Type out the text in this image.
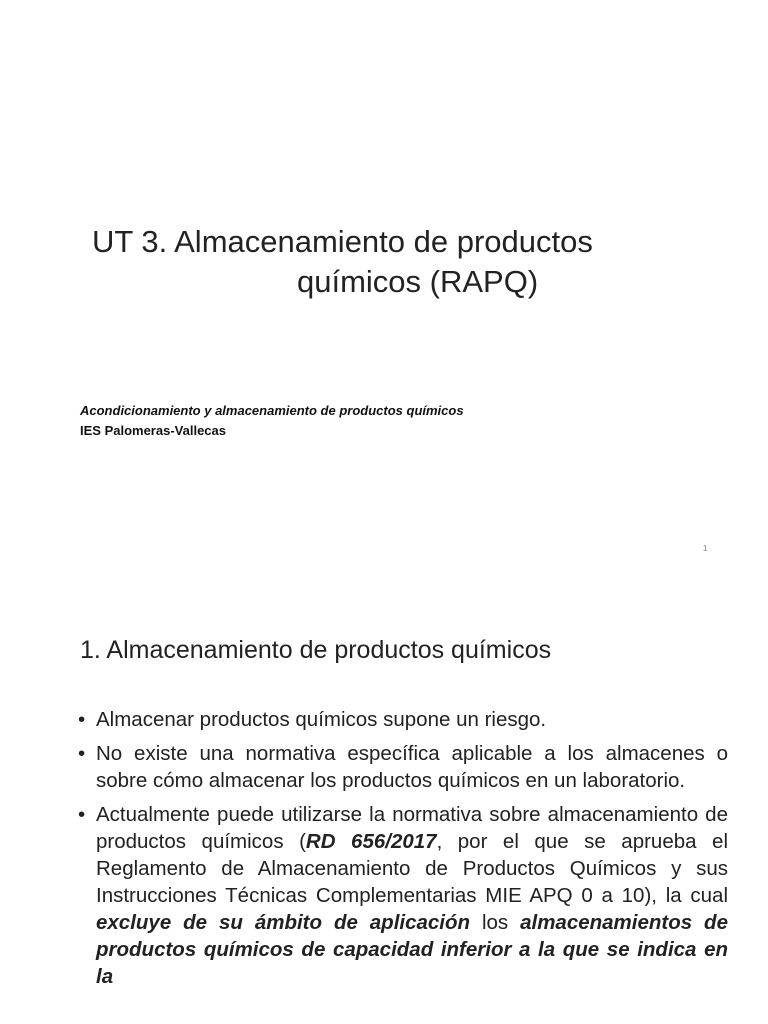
UT 3. Almacenamiento de productos
químicos (RAPQ)
Acondicionamiento y almacenamiento de productos químicos
IES Palomeras-Vallecas
1
1. Almacenamiento de productos químicos
• Almacenar productos químicos supone un riesgo.
• No existe una normativa específica aplicable a los almacenes o sobre cómo almacenar los productos químicos en un laboratorio.
• Actualmente puede utilizarse la normativa sobre almacenamiento de productos químicos (RD 656/2017, por el que se aprueba el Reglamento de Almacenamiento de Productos Químicos y sus Instrucciones Técnicas Complementarias MIE APQ 0 a 10), la cual excluye de su ámbito de aplicación los almacenamientos de productos químicos de capacidad inferior a la que se indica en la
